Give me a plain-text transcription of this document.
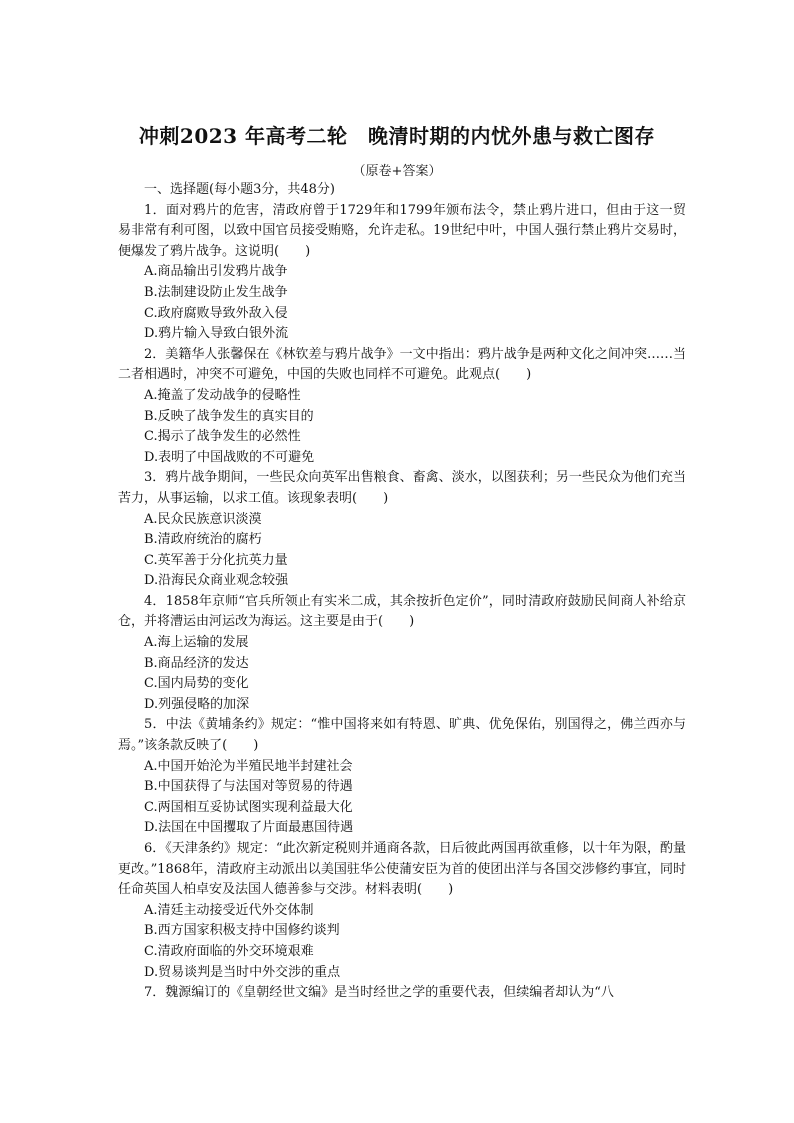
冲刺2023 年高考二轮　晚清时期的内忧外患与救亡图存
（原卷+答案）
一、选择题(每小题3分，共48分)
1．面对鸦片的危害，清政府曾于1729年和1799年颁布法令，禁止鸦片进口，但由于这一贸易非常有利可图，以致中国官员接受贿赂，允许走私。19世纪中叶，中国人强行禁止鸦片交易时，便爆发了鸦片战争。这说明(　　)
A.商品输出引发鸦片战争
B.法制建设防止发生战争
C.政府腐败导致外敌入侵
D.鸦片输入导致白银外流
2．美籍华人张馨保在《林钦差与鸦片战争》一文中指出：鸦片战争是两种文化之间冲突……当二者相遇时，冲突不可避免，中国的失败也同样不可避免。此观点(　　)
A.掩盖了发动战争的侵略性
B.反映了战争发生的真实目的
C.揭示了战争发生的必然性
D.表明了中国战败的不可避免
3．鸦片战争期间，一些民众向英军出售粮食、畜禽、淡水，以图获利；另一些民众为他们充当苦力，从事运输，以求工值。该现象表明(　　)
A.民众民族意识淡漠
B.清政府统治的腐朽
C.英军善于分化抗英力量
D.沿海民众商业观念较强
4．1858年京师“官兵所领止有实米二成，其余按折色定价”，同时清政府鼓励民间商人补给京仓，并将漕运由河运改为海运。这主要是由于(　　)
A.海上运输的发展
B.商品经济的发达
C.国内局势的变化
D.列强侵略的加深
5．中法《黄埔条约》规定：“惟中国将来如有特恩、旷典、优免保佑，别国得之，佛兰西亦与焉。”该条款反映了(　　)
A.中国开始沦为半殖民地半封建社会
B.中国获得了与法国对等贸易的待遇
C.两国相互妥协试图实现利益最大化
D.法国在中国攫取了片面最惠国待遇
6．《天津条约》规定：“此次新定税则并通商各款，日后彼此两国再欲重修，以十年为限，酌量更改。”1868年，清政府主动派出以美国驻华公使蒲安臣为首的使团出洋与各国交涉修约事宜，同时任命英国人柏卓安及法国人德善参与交涉。材料表明(　　)
A.清廷主动接受近代外交体制
B.西方国家积极支持中国修约谈判
C.清政府面临的外交环境艰难
D.贸易谈判是当时中外交涉的重点
7．魏源编订的《皇朝经世文编》是当时经世之学的重要代表，但续编者却认为“八
